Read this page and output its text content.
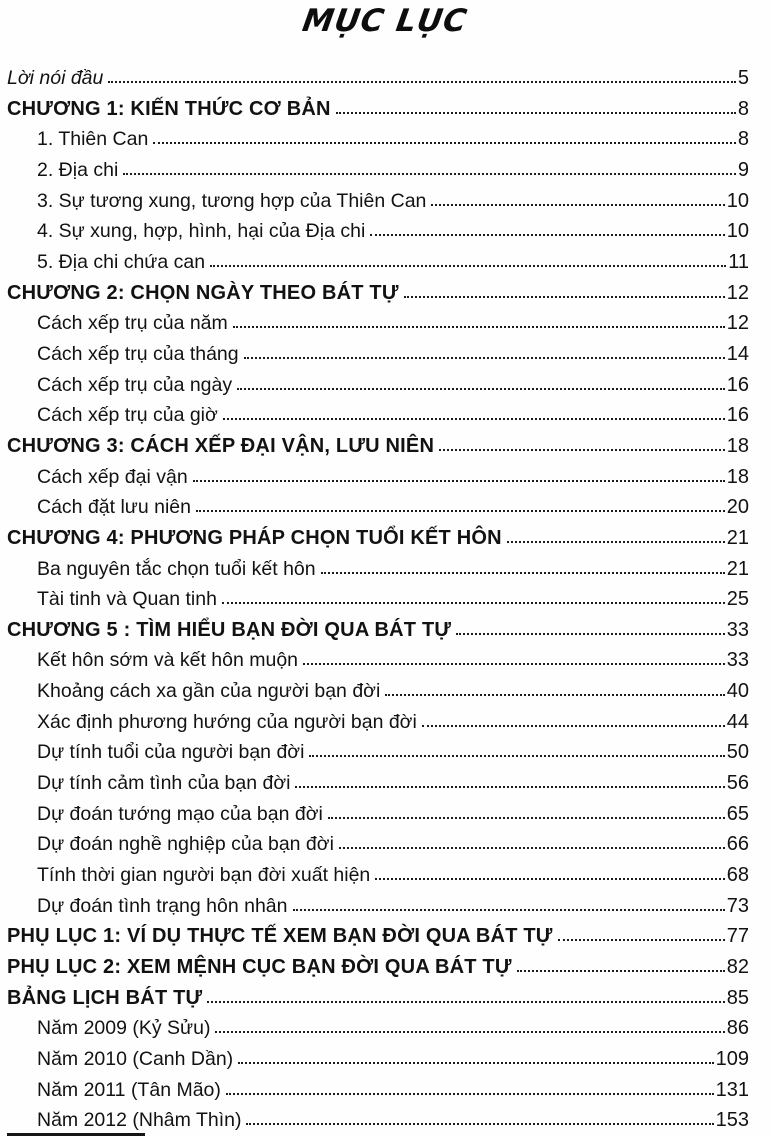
MỤC LỤC
Lời nói đầu	5
CHƯƠNG 1: KIẾN THỨC CƠ BẢN	8
1. Thiên Can	8
2. Địa chi	9
3. Sự tương xung, tương hợp của Thiên Can	10
4. Sự xung, hợp, hình, hại của Địa chi	10
5. Địa chi chứa can	11
CHƯƠNG 2: CHỌN NGÀY THEO BÁT TỰ	12
Cách xếp trụ của năm	12
Cách xếp trụ của tháng	14
Cách xếp trụ của ngày	16
Cách xếp trụ của giờ	16
CHƯƠNG 3: CÁCH XẾP ĐẠI VẬN, LƯU NIÊN	18
Cách xếp đại vận	18
Cách đặt lưu niên	20
CHƯƠNG 4: PHƯƠNG PHÁP CHỌN TUỔI KẾT HÔN	21
Ba nguyên tắc chọn tuổi kết hôn	21
Tài tinh và Quan tinh	25
CHƯƠNG 5 : TÌM HIỂU BẠN ĐỜI QUA BÁT TỰ	33
Kết hôn sớm và kết hôn muộn	33
Khoảng cách xa gần của người bạn đời	40
Xác định phương hướng của người bạn đời	44
Dự tính tuổi của người bạn đời	50
Dự tính cảm tình của bạn đời	56
Dự đoán tướng mạo của bạn đời	65
Dự đoán nghề nghiệp của bạn đời	66
Tính thời gian người bạn đời xuất hiện	68
Dự đoán tình trạng hôn nhân	73
PHỤ LỤC 1: VÍ DỤ THỰC TẾ XEM BẠN ĐỜI QUA BÁT TỰ	77
PHỤ LỤC 2: XEM MỆNH CỤC BẠN ĐỜI QUA BÁT TỰ	82
BẢNG LỊCH BÁT TỰ	85
Năm 2009 (Kỷ Sửu)	86
Năm 2010 (Canh Dần)	109
Năm 2011 (Tân Mão)	131
Năm 2012 (Nhâm Thìn)	153
